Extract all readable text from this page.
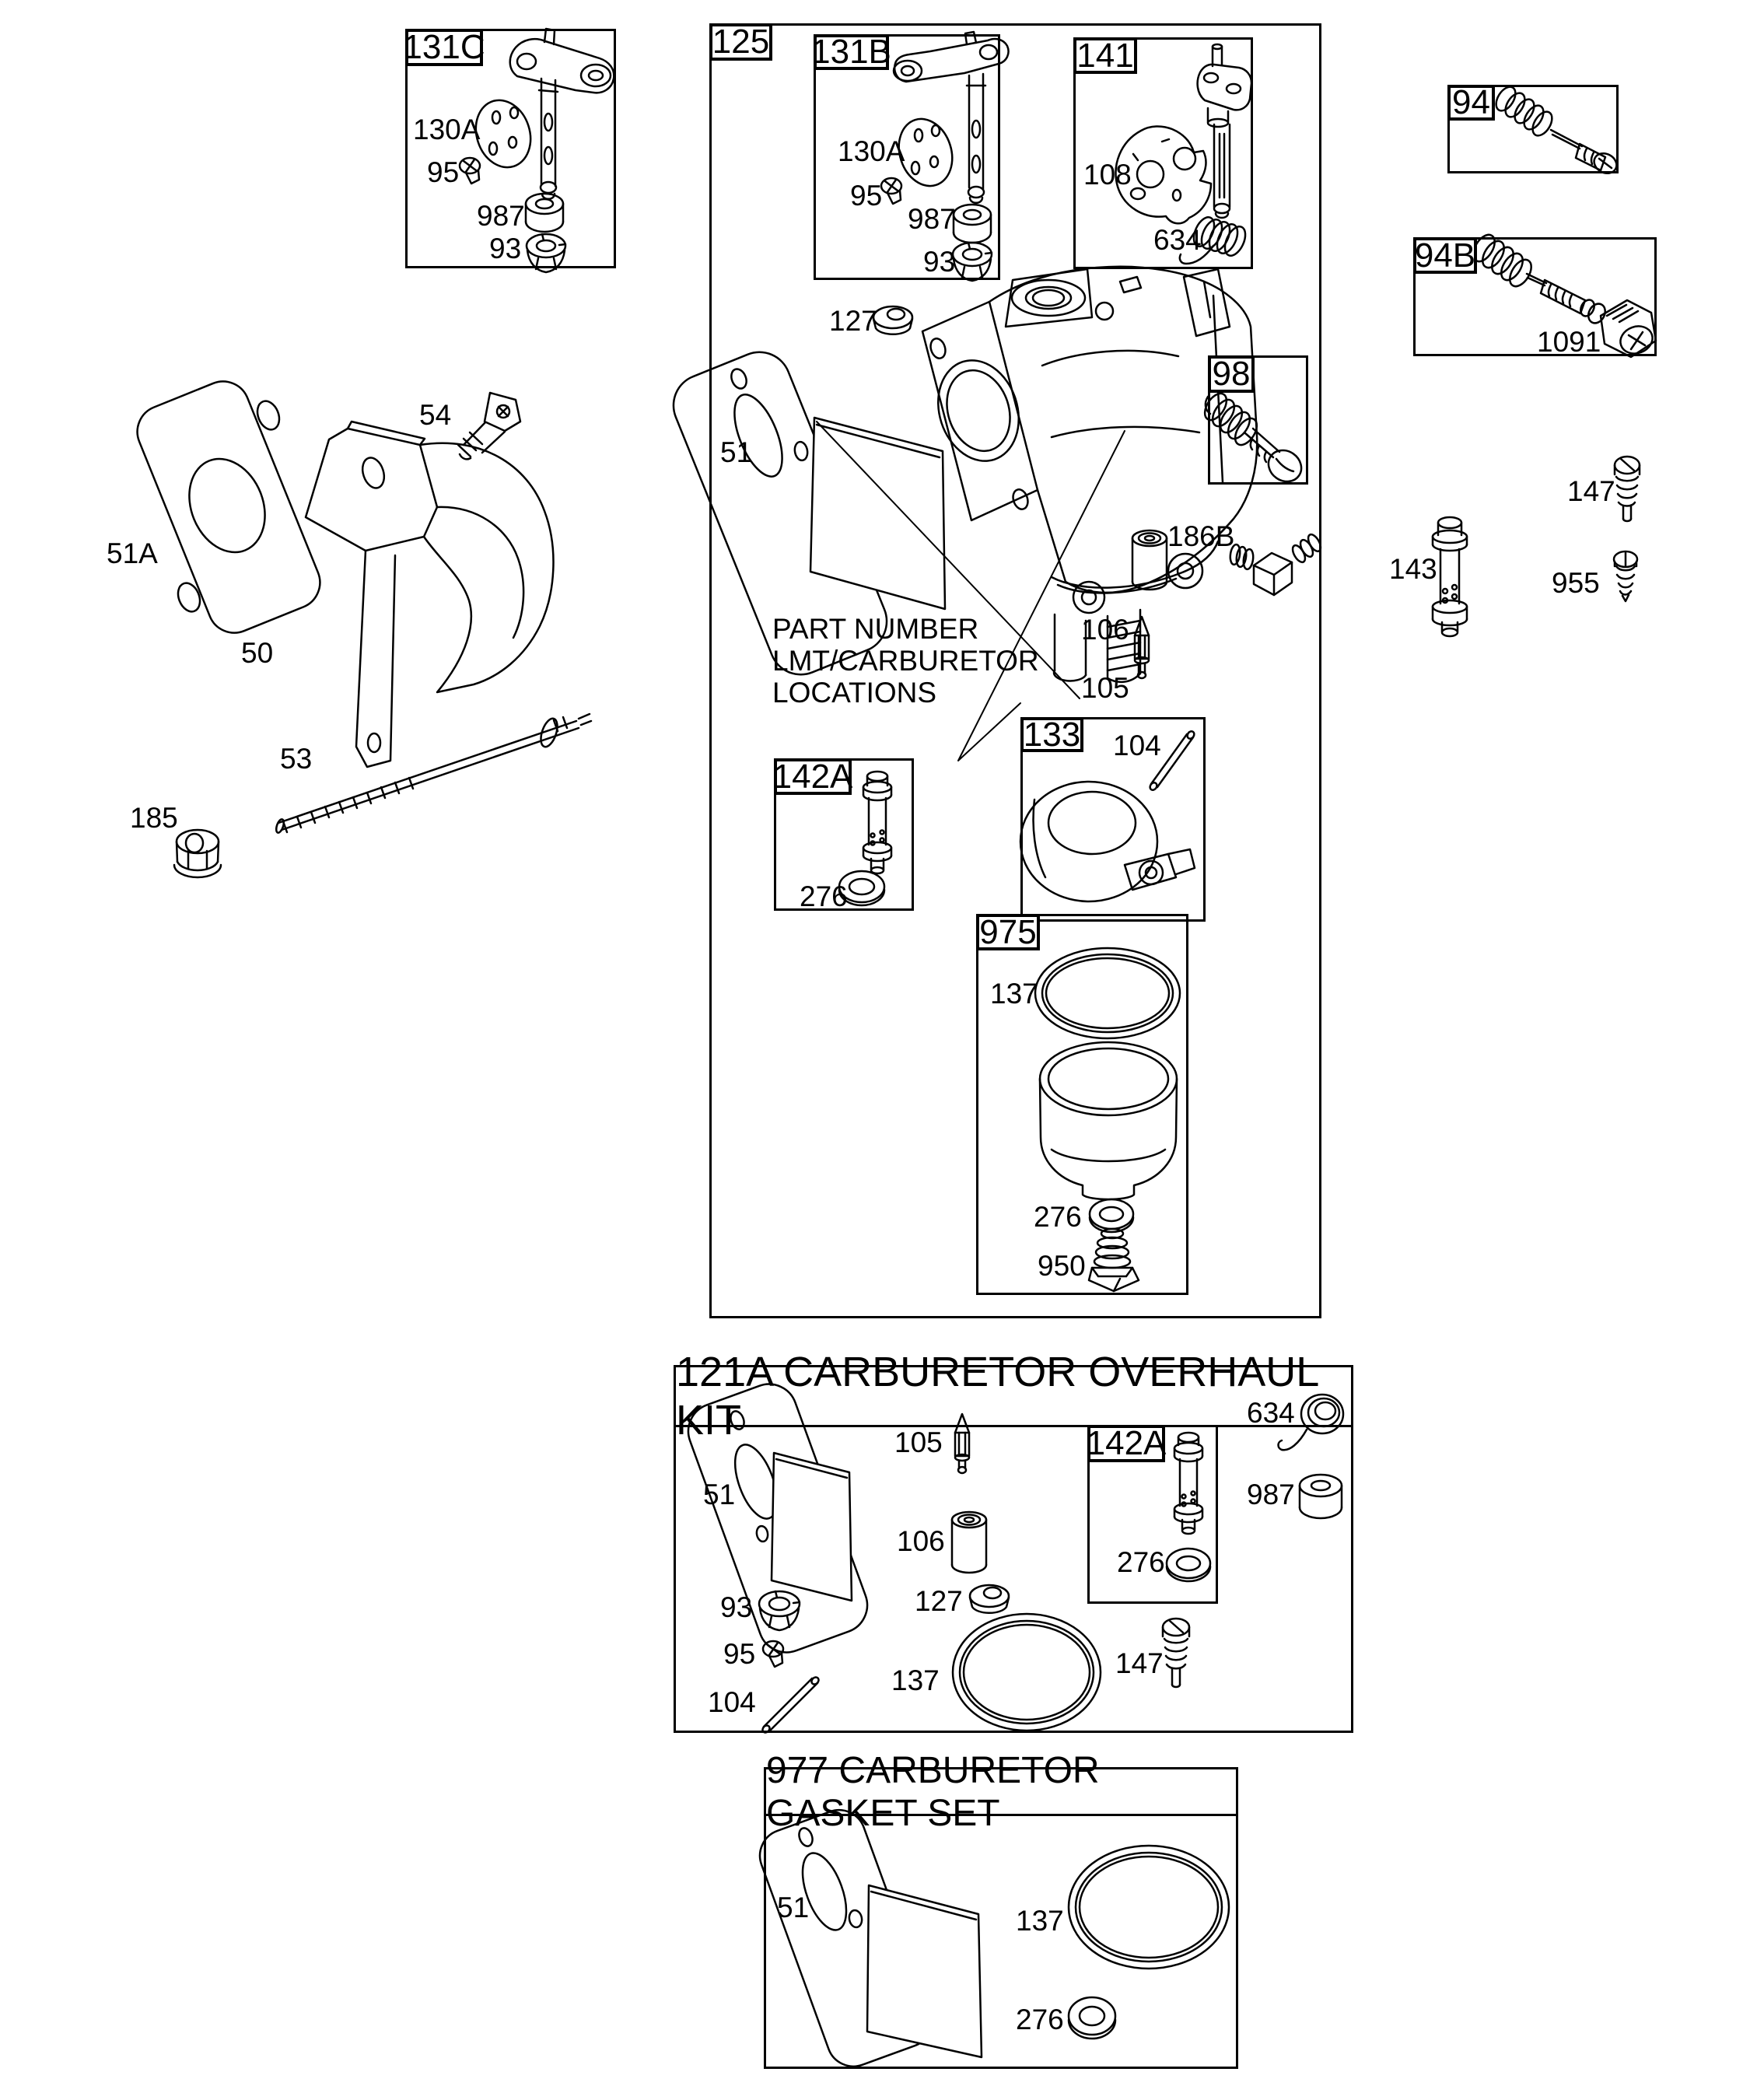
121A CARBURETOR OVERHAUL KIT
977 CARBURETOR GASKET SET
131C	125 131B	141
94
94B
98
142A
133
975
142A
130A
95
987
93
130A
95
987
93
108
634
1091
127
51
186B
106
105
PART NUMBER
LMT/CARBURETOR
LOCATIONS
276
104
137
276
950
143
147
955
51A
50
54
53
185
51
105
106
634
987
276
93
95
104
127
137
147
51	137
276
